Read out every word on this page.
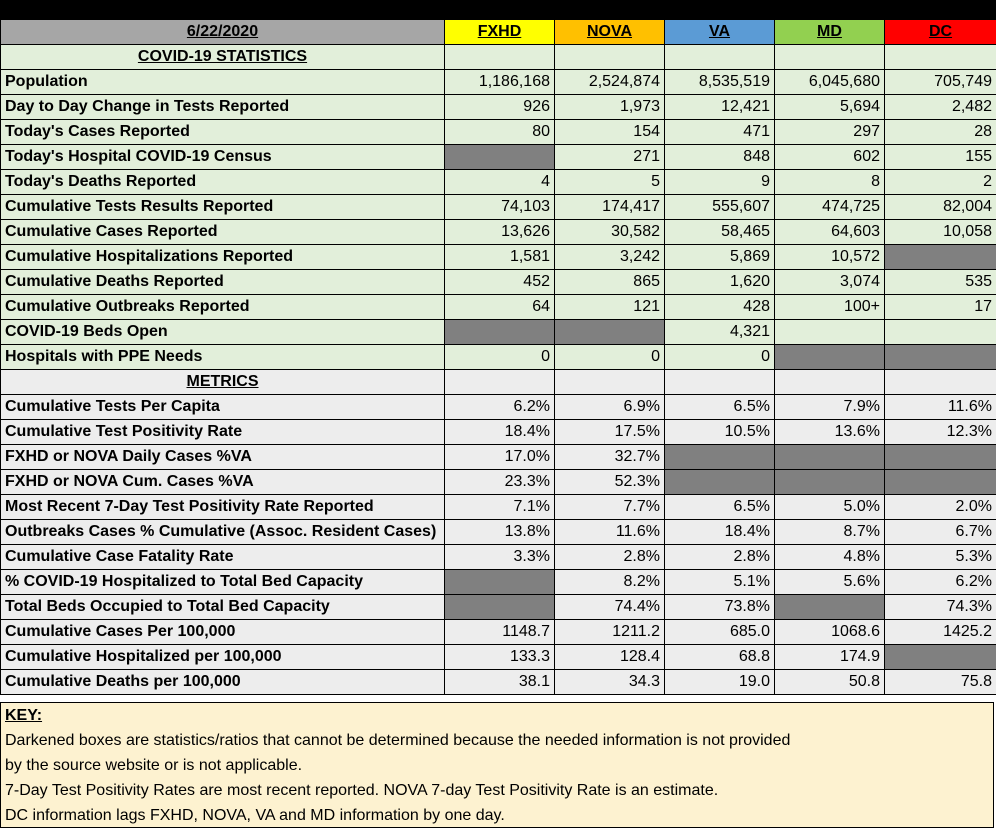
6/22/2020	FXHD	NOVA	VA	MD	DC
COVID-19 STATISTICS					
Population	1,186,168	2,524,874	8,535,519	6,045,680	705,749
Day to Day Change in Tests Reported	926	1,973	12,421	5,694	2,482
Today's Cases Reported	80	154	471	297	28
Today's Hospital COVID-19 Census		271	848	602	155
Today's Deaths Reported	4	5	9	8	2
Cumulative Tests Results Reported	74,103	174,417	555,607	474,725	82,004
Cumulative Cases Reported	13,626	30,582	58,465	64,603	10,058
Cumulative Hospitalizations Reported	1,581	3,242	5,869	10,572	
Cumulative Deaths Reported	452	865	1,620	3,074	535
Cumulative Outbreaks Reported	64	121	428	100+	17
COVID-19 Beds Open			4,321		
Hospitals with PPE Needs	0	0	0		
METRICS					
Cumulative Tests Per Capita	6.2%	6.9%	6.5%	7.9%	11.6%
Cumulative Test Positivity Rate	18.4%	17.5%	10.5%	13.6%	12.3%
FXHD or NOVA Daily Cases %VA	17.0%	32.7%			
FXHD or NOVA Cum. Cases %VA	23.3%	52.3%			
Most Recent 7-Day Test Positivity Rate Reported	7.1%	7.7%	6.5%	5.0%	2.0%
Outbreaks Cases % Cumulative (Assoc. Resident Cases)	13.8%	11.6%	18.4%	8.7%	6.7%
Cumulative Case Fatality Rate	3.3%	2.8%	2.8%	4.8%	5.3%
% COVID-19 Hospitalized to Total Bed Capacity		8.2%	5.1%	5.6%	6.2%
Total Beds Occupied to Total Bed Capacity		74.4%	73.8%		74.3%
Cumulative Cases Per 100,000	1148.7	1211.2	685.0	1068.6	1425.2
Cumulative Hospitalized per 100,000	133.3	128.4	68.8	174.9	
Cumulative Deaths per 100,000	38.1	34.3	19.0	50.8	75.8
KEY:
Darkened boxes are statistics/ratios that cannot be determined because the needed information is not provided
by the source website or is not applicable.
7-Day Test Positivity Rates are most recent reported. NOVA 7-day Test Positivity Rate is an estimate.
DC information lags FXHD, NOVA, VA and MD information by one day.
